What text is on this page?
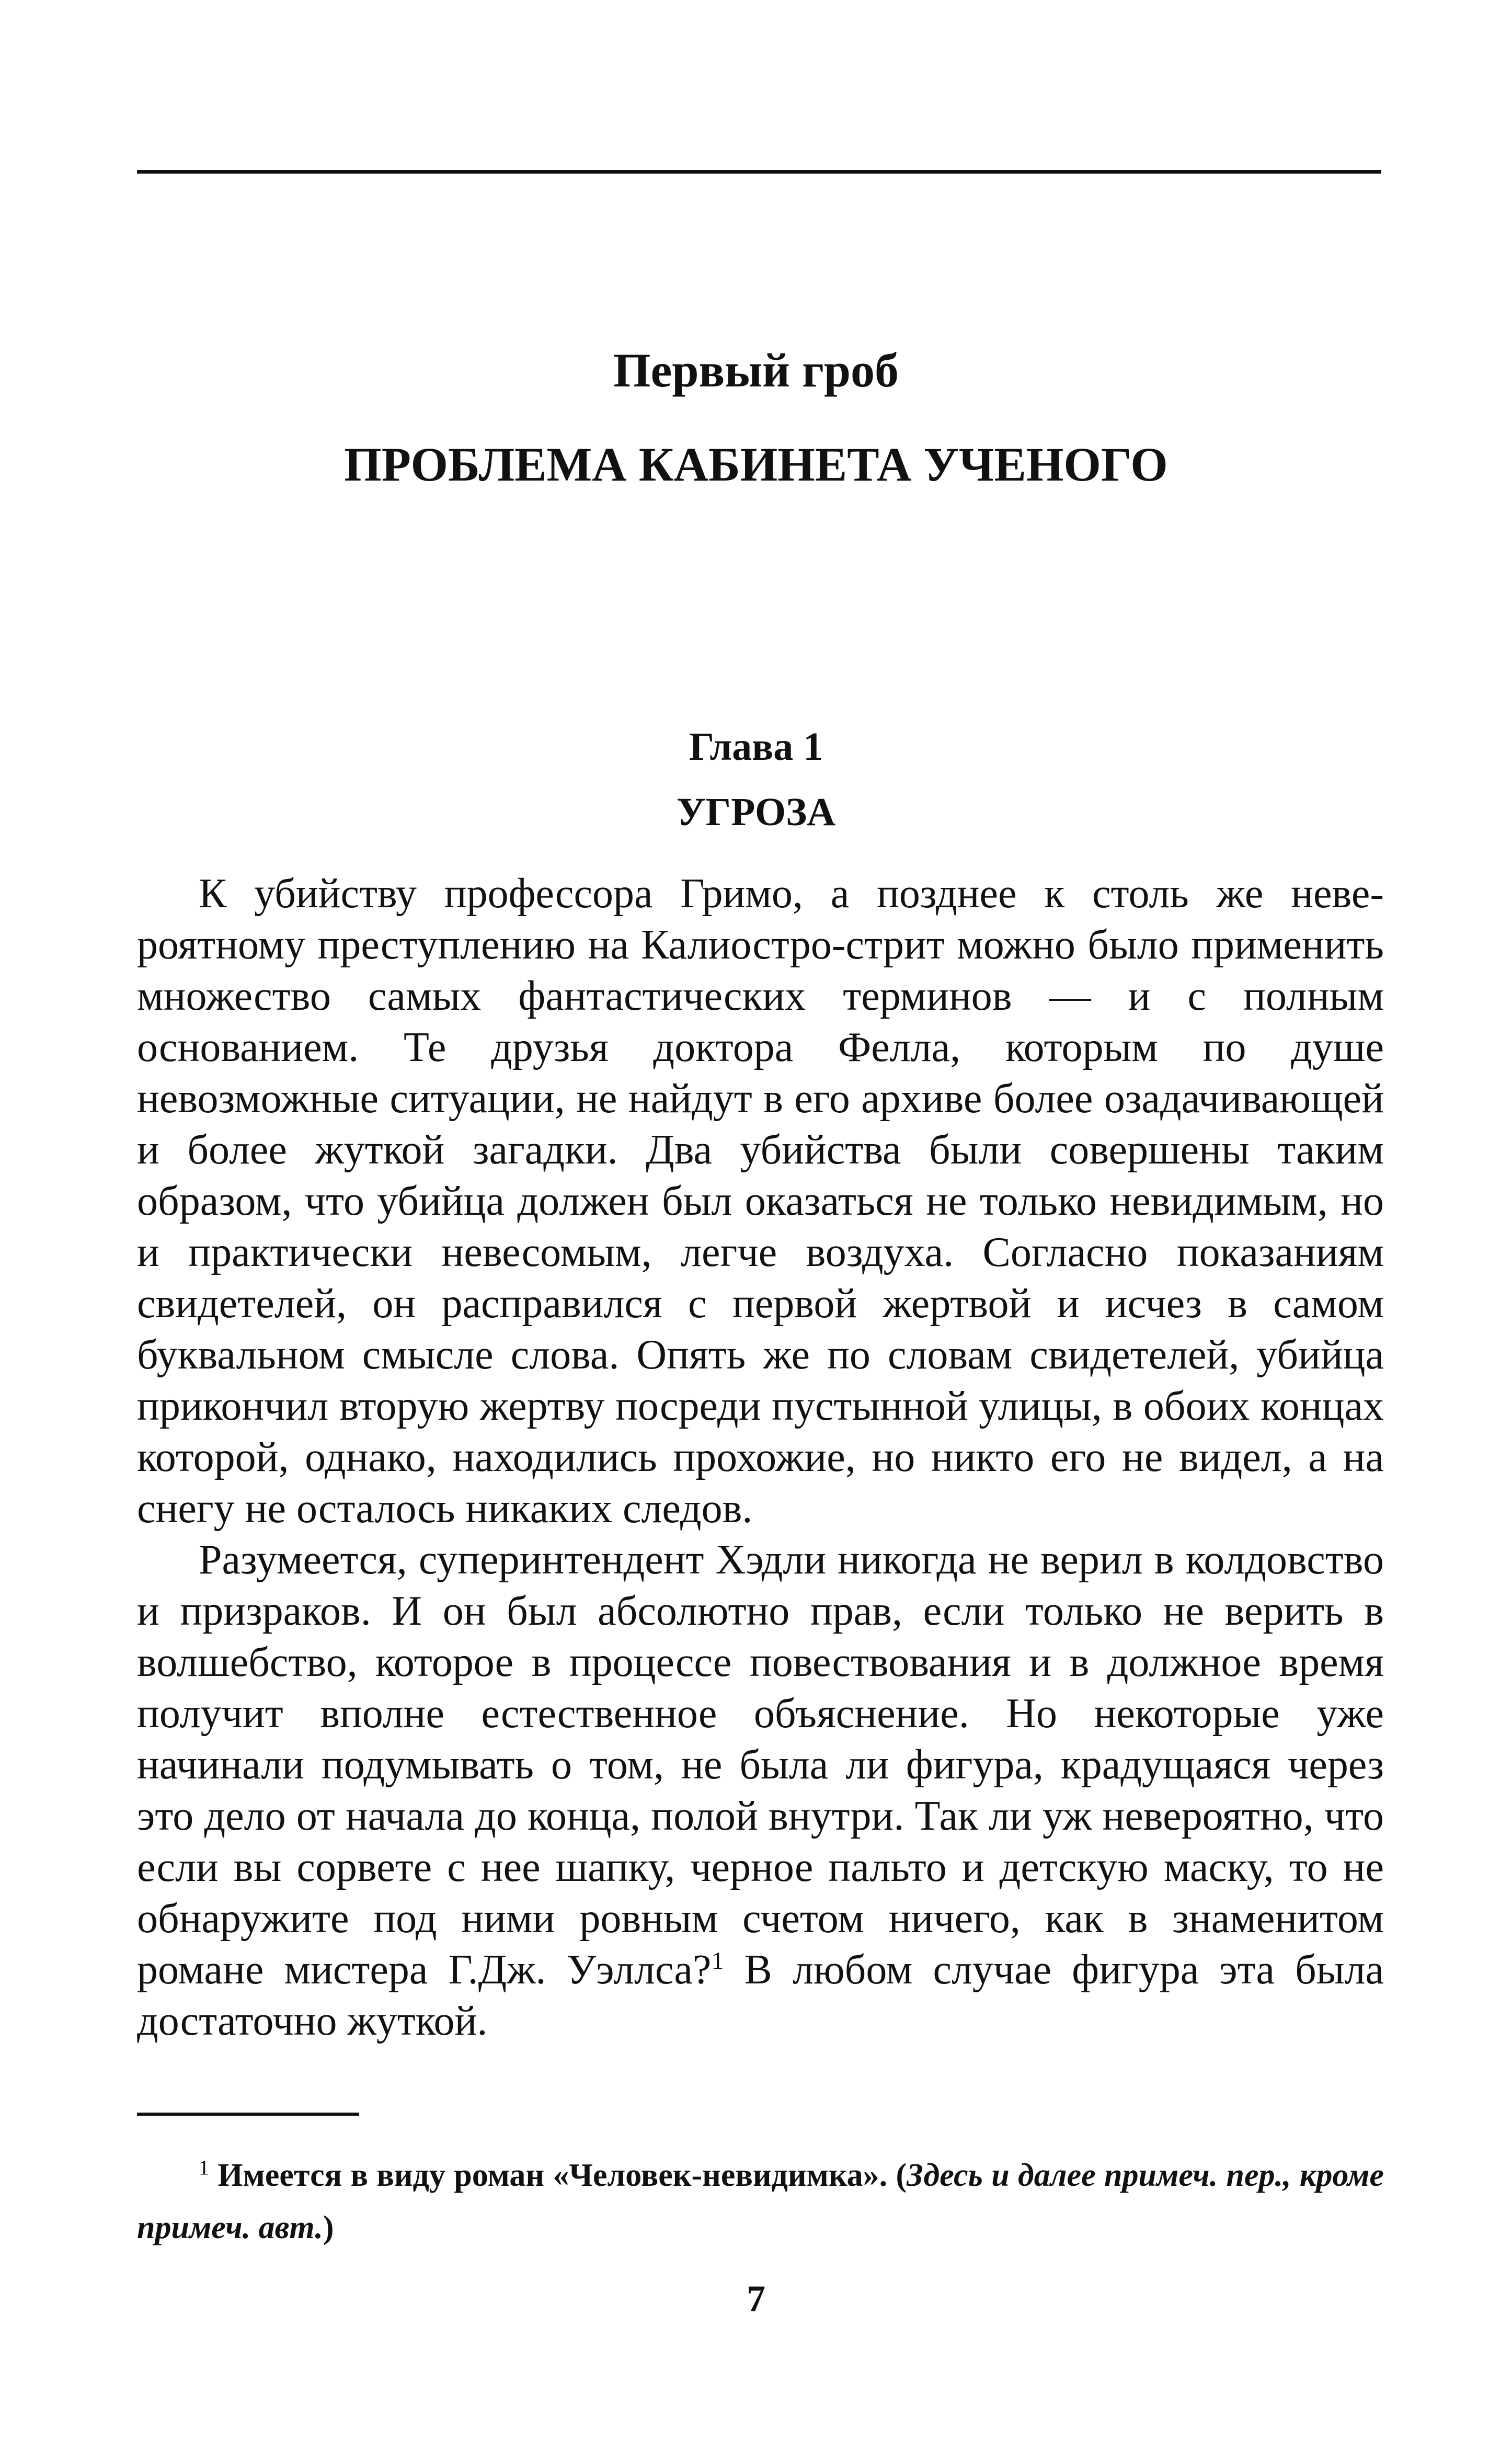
Первый гроб
ПРОБЛЕМА КАБИНЕТА УЧЕНОГО
Глава 1
УГРОЗА

К убийству профессора Гримо, а позднее к столь же невероятному преступлению на Калиостро-стрит можно было применить множество самых фантастических терминов — и с полным основанием. Те друзья доктора Фелла, которым по душе невозможные ситуации, не найдут в его архиве более озадачивающей и более жуткой загадки. Два убийства были совершены таким образом, что убийца должен был оказаться не только невидимым, но и практически невесомым, легче воздуха. Согласно показаниям свидетелей, он расправился с первой жертвой и исчез в самом буквальном смысле слова. Опять же по словам свидетелей, убийца прикончил вторую жертву посреди пустынной улицы, в обоих концах которой, однако, находились прохожие, но никто его не видел, а на снегу не осталось никаких следов.

Разумеется, суперинтендент Хэдли никогда не верил в колдовство и призраков. И он был абсолютно прав, если только не верить в волшебство, которое в процессе повествования и в должное время получит вполне естественное объяснение. Но некоторые уже начинали подумывать о том, не была ли фигура, крадущаяся через это дело от начала до конца, полой внутри. Так ли уж невероятно, что если вы сорвете с нее шапку, черное пальто и детскую маску, то не обнаружите под ними ровным счетом ничего, как в знаменитом романе мистера Г.Дж. Уэллса?$^1$ В любом случае фигура эта была достаточно жуткой.

$^1$ Имеется в виду роман «Человек-невидимка». (Здесь и далее примеч. пер., кроме примеч. авт.)

7
